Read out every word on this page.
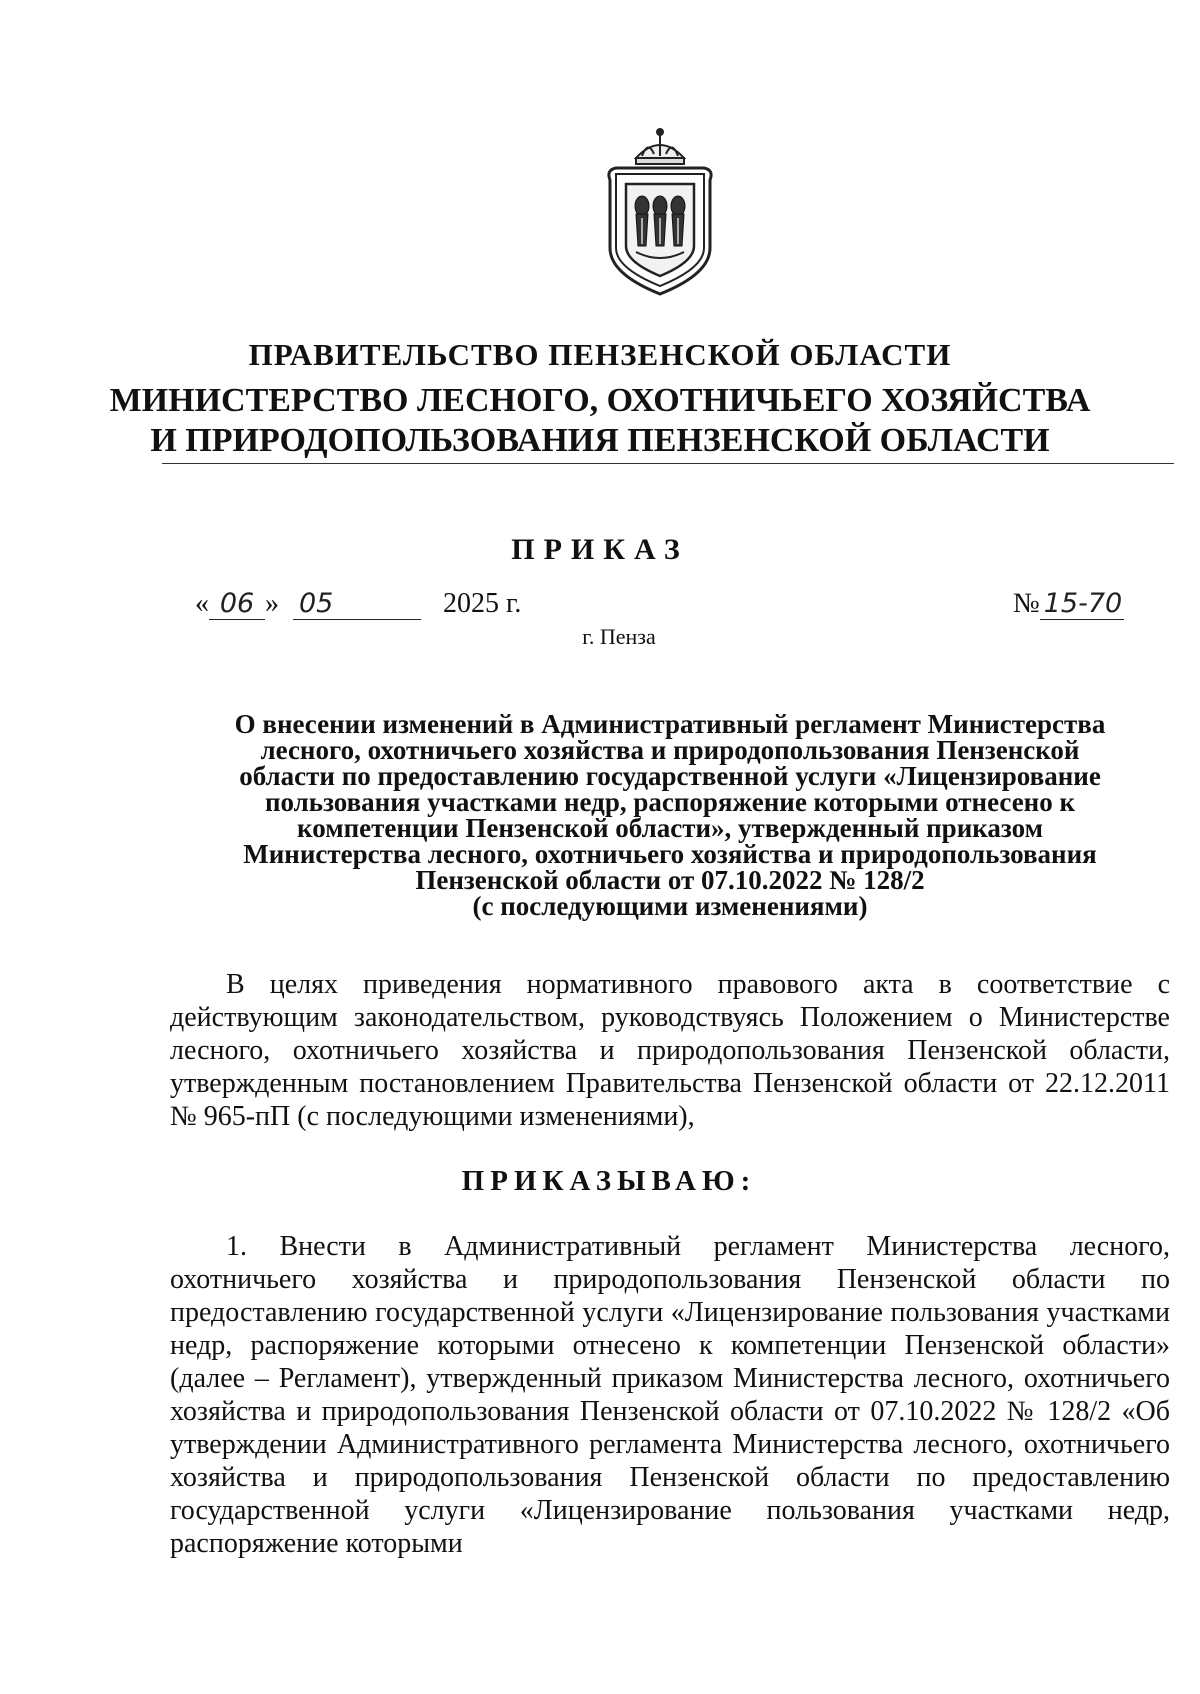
ПРАВИТЕЛЬСТВО ПЕНЗЕНСКОЙ ОБЛАСТИ
МИНИСТЕРСТВО ЛЕСНОГО, ОХОТНИЧЬЕГО ХОЗЯЙСТВА
И ПРИРОДОПОЛЬЗОВАНИЯ ПЕНЗЕНСКОЙ ОБЛАСТИ
ПРИКАЗ
« 06 » 05	2025 г.	№ 15-70
г. Пенза
О внесении изменений в Административный регламент Министерства
лесного, охотничьего хозяйства и природопользования Пензенской
области по предоставлению государственной услуги «Лицензирование
пользования участками недр, распоряжение которыми отнесено к
компетенции Пензенской области», утвержденный приказом
Министерства лесного, охотничьего хозяйства и природопользования
Пензенской области от 07.10.2022 № 128/2
(с последующими изменениями)

В целях приведения нормативного правового акта в соответствие с действующим законодательством, руководствуясь Положением о Министерстве лесного, охотничьего хозяйства и природопользования Пензенской области, утвержденным постановлением Правительства Пензенской области от 22.12.2011 № 965-пП (с последующими изменениями),

ПРИКАЗЫВАЮ:

1. Внести в Административный регламент Министерства лесного, охотничьего хозяйства и природопользования Пензенской области по предоставлению государственной услуги «Лицензирование пользования участками недр, распоряжение которыми отнесено к компетенции Пензенской области» (далее – Регламент), утвержденный приказом Министерства лесного, охотничьего хозяйства и природопользования Пензенской области от 07.10.2022 № 128/2 «Об утверждении Административного регламента Министерства лесного, охотничьего хозяйства и природопользования Пензенской области по предоставлению государственной услуги «Лицензирование пользования участками недр, распоряжение которыми
